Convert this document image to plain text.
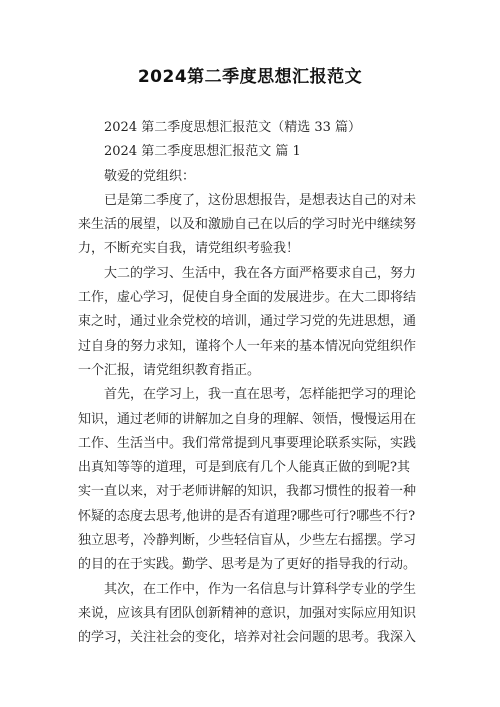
2024第二季度思想汇报范文
2024 第二季度思想汇报范文（精选 33 篇）
2024 第二季度思想汇报范文 篇 1
敬爱的党组织：
已是第二季度了，这份思想报告，是想表达自己的对未
来生活的展望，以及和激励自己在以后的学习时光中继续努
力，不断充实自我，请党组织考验我！
大二的学习、生活中，我在各方面严格要求自己，努力
工作，虚心学习，促使自身全面的发展进步。在大二即将结
束之时，通过业余党校的培训，通过学习党的先进思想，通
过自身的努力求知，谨将个人一年来的基本情况向党组织作
一个汇报，请党组织教育指正。
首先，在学习上，我一直在思考，怎样能把学习的理论
知识，通过老师的讲解加之自身的理解、领悟，慢慢运用在
工作、生活当中。我们常常提到凡事要理论联系实际，实践
出真知等等的道理，可是到底有几个人能真正做的到呢?其
实一直以来，对于老师讲解的知识，我都习惯性的报着一种
怀疑的态度去思考,他讲的是否有道理?哪些可行?哪些不行?
独立思考，冷静判断，少些轻信盲从，少些左右摇摆。学习
的目的在于实践。勤学、思考是为了更好的指导我的行动。
其次，在工作中，作为一名信息与计算科学专业的学生
来说，应该具有团队创新精神的意识，加强对实际应用知识
的学习，关注社会的变化，培养对社会问题的思考。我深入
